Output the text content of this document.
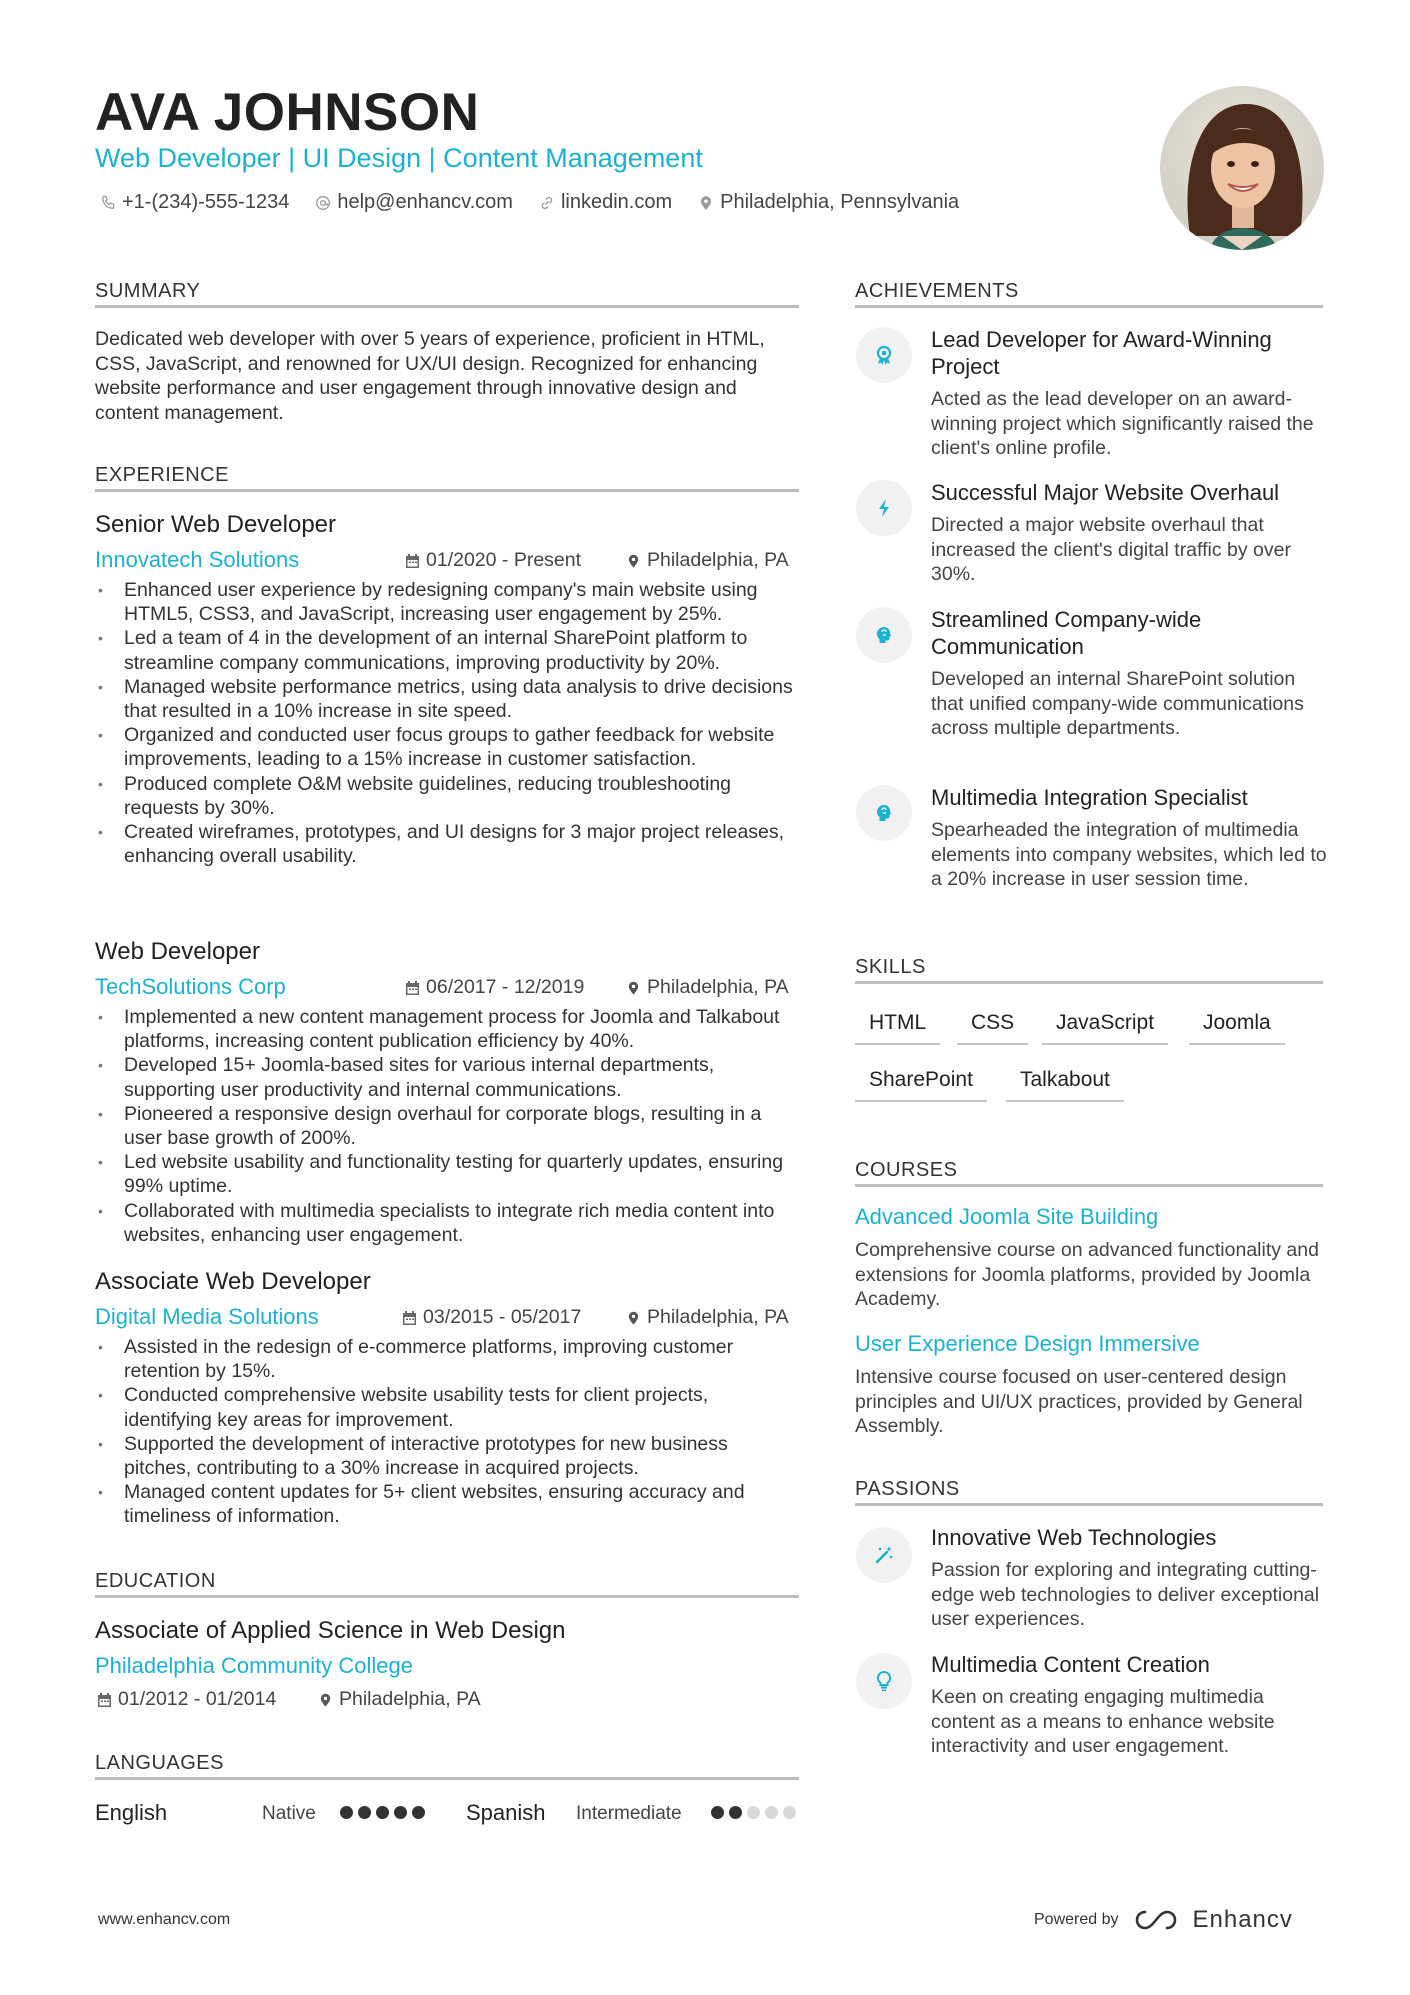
AVA JOHNSON
Web Developer | UI Design | Content Management
+1-(234)-555-1234 help@enhancv.com linkedin.com Philadelphia, Pennsylvania
SUMMARY
Dedicated web developer with over 5 years of experience, proficient in HTML, CSS, JavaScript, and renowned for UX/UI design. Recognized for enhancing website performance and user engagement through innovative design and content management.
EXPERIENCE
Senior Web Developer
Innovatech Solutions	01/2020 - Present	Philadelphia, PA
• Enhanced user experience by redesigning company's main website using HTML5, CSS3, and JavaScript, increasing user engagement by 25%.
• Led a team of 4 in the development of an internal SharePoint platform to streamline company communications, improving productivity by 20%.
• Managed website performance metrics, using data analysis to drive decisions that resulted in a 10% increase in site speed.
• Organized and conducted user focus groups to gather feedback for website improvements, leading to a 15% increase in customer satisfaction.
• Produced complete O&M website guidelines, reducing troubleshooting requests by 30%.
• Created wireframes, prototypes, and UI designs for 3 major project releases, enhancing overall usability.
Web Developer
TechSolutions Corp	06/2017 - 12/2019	Philadelphia, PA
• Implemented a new content management process for Joomla and Talkabout platforms, increasing content publication efficiency by 40%.
• Developed 15+ Joomla-based sites for various internal departments, supporting user productivity and internal communications.
• Pioneered a responsive design overhaul for corporate blogs, resulting in a user base growth of 200%.
• Led website usability and functionality testing for quarterly updates, ensuring 99% uptime.
• Collaborated with multimedia specialists to integrate rich media content into websites, enhancing user engagement.
Associate Web Developer
Digital Media Solutions	03/2015 - 05/2017	Philadelphia, PA
• Assisted in the redesign of e-commerce platforms, improving customer retention by 15%.
• Conducted comprehensive website usability tests for client projects, identifying key areas for improvement.
• Supported the development of interactive prototypes for new business pitches, contributing to a 30% increase in acquired projects.
• Managed content updates for 5+ client websites, ensuring accuracy and timeliness of information.
EDUCATION
Associate of Applied Science in Web Design
Philadelphia Community College
01/2012 - 01/2014	Philadelphia, PA
LANGUAGES
English	Native	Spanish Intermediate
ACHIEVEMENTS
Lead Developer for Award-Winning Project
Acted as the lead developer on an award-winning project which significantly raised the client's online profile.
Successful Major Website Overhaul
Directed a major website overhaul that increased the client's digital traffic by over 30%.
Streamlined Company-wide Communication
Developed an internal SharePoint solution that unified company-wide communications across multiple departments.
Multimedia Integration Specialist
Spearheaded the integration of multimedia elements into company websites, which led to a 20% increase in user session time.
SKILLS
HTML	CSS	JavaScript	Joomla
SharePoint	Talkabout
COURSES
Advanced Joomla Site Building
Comprehensive course on advanced functionality and extensions for Joomla platforms, provided by Joomla Academy.
User Experience Design Immersive
Intensive course focused on user-centered design principles and UI/UX practices, provided by General Assembly.
PASSIONS
Innovative Web Technologies
Passion for exploring and integrating cutting-edge web technologies to deliver exceptional user experiences.
Multimedia Content Creation
Keen on creating engaging multimedia content as a means to enhance website interactivity and user engagement.
www.enhancv.com	Powered by	Enhancv
